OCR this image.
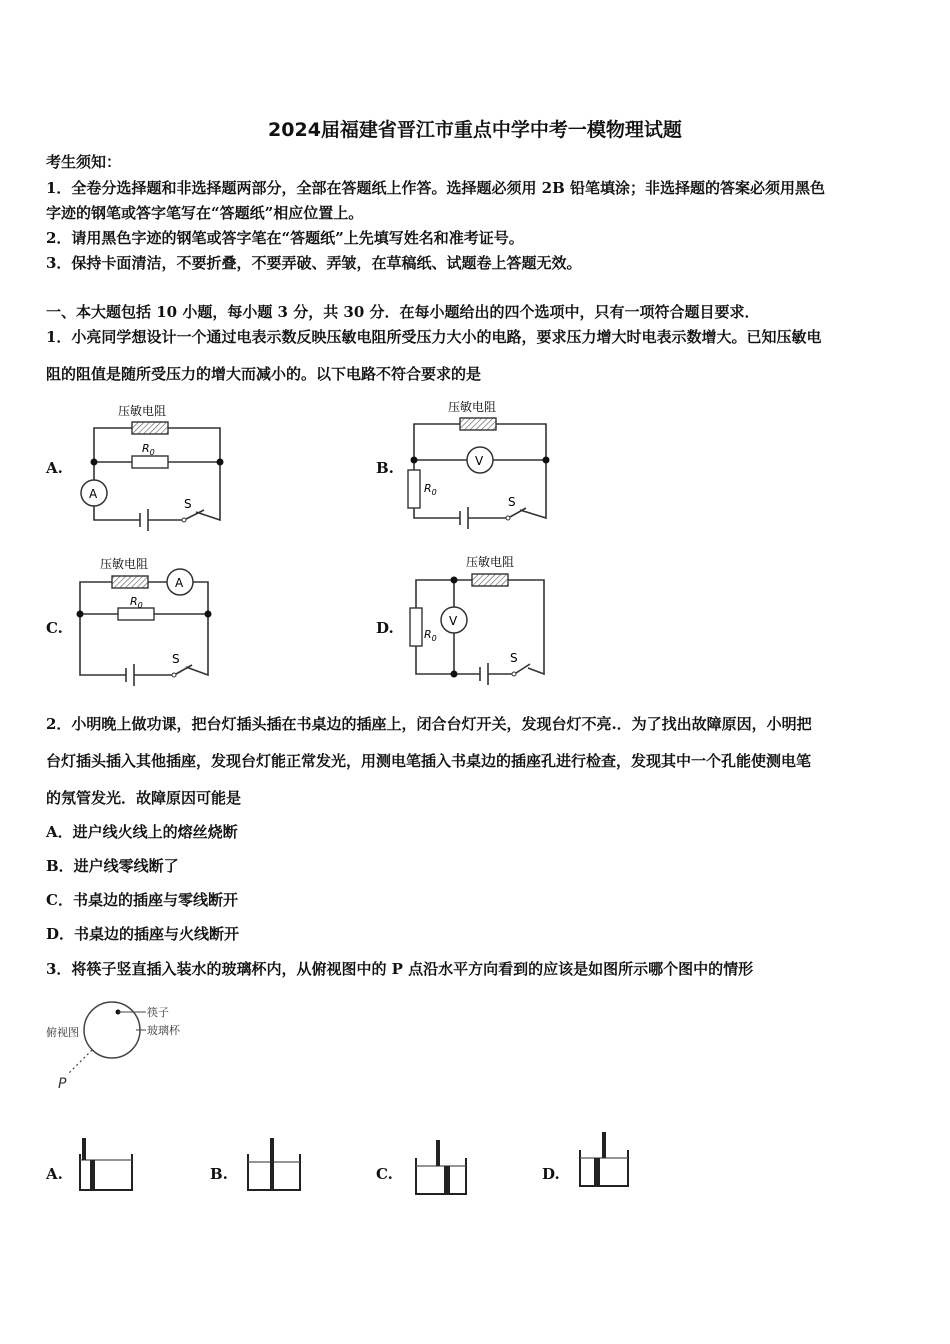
2024届福建省晋江市重点中学中考一模物理试题
考生须知：
1．全卷分选择题和非选择题两部分，全部在答题纸上作答。选择题必须用 2B 铅笔填涂；非选择题的答案必须用黑色
字迹的钢笔或答字笔写在“答题纸”相应位置上。
2．请用黑色字迹的钢笔或答字笔在“答题纸”上先填写姓名和准考证号。
3．保持卡面清洁，不要折叠，不要弄破、弄皱，在草稿纸、试题卷上答题无效。
一、本大题包括 10 小题，每小题 3 分，共 30 分．在每小题给出的四个选项中，只有一项符合题目要求．
1．小亮同学想设计一个通过电表示数反映压敏电阻所受压力大小的电路，要求压力增大时电表示数增大。已知压敏电
阻的阻值是随所受压力的增大而减小的。以下电路不符合要求的是
A.	B.
C.	D.
压敏电阻
$R_0$
A
S
压敏电阻
V
$R_0$
S
压敏电阻
A
$R_0$
S
压敏电阻
$R_0$
V
S
2．小明晚上做功课，把台灯插头插在书桌边的插座上，闭合台灯开关，发现台灯不亮.．为了找出故障原因，小明把
台灯插头插入其他插座，发现台灯能正常发光，用测电笔插入书桌边的插座孔进行检查，发现其中一个孔能使测电笔
的氖管发光．故障原因可能是
A．进户线火线上的熔丝烧断
B．进户线零线断了
C．书桌边的插座与零线断开
D．书桌边的插座与火线断开
3．将筷子竖直插入装水的玻璃杯内，从俯视图中的 P 点沿水平方向看到的应该是如图所示哪个图中的情形
筷子
玻璃杯
俯视图
P
A.	B.	C.	D.
